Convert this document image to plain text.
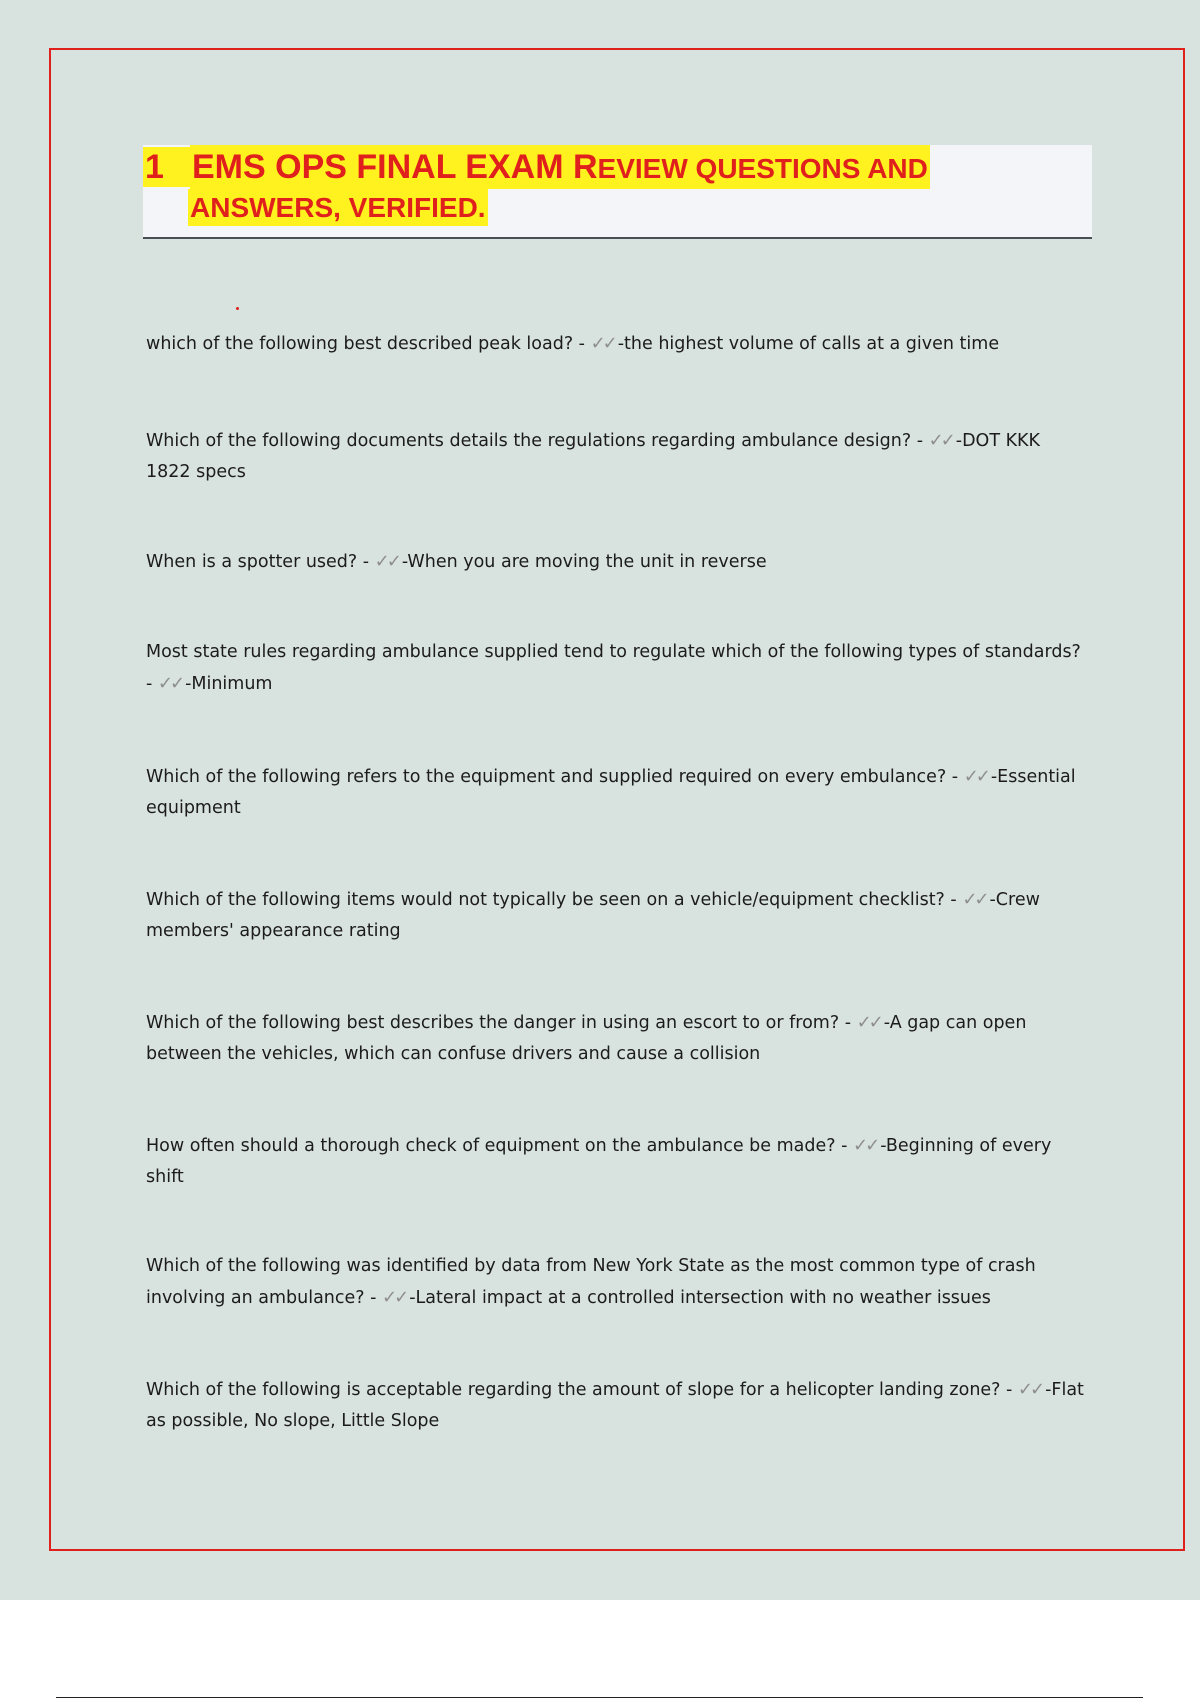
1 EMS OPS FINAL EXAM REVIEW QUESTIONS AND
ANSWERS, VERIFIED.
which of the following best described peak load? - ✓✓ -the highest volume of calls at a given time
Which of the following documents details the regulations regarding ambulance design? - ✓✓ -DOT KKK 1822 specs
When is a spotter used? - ✓✓ -When you are moving the unit in reverse
Most state rules regarding ambulance supplied tend to regulate which of the following types of standards? - ✓✓ -Minimum
Which of the following refers to the equipment and supplied required on every embulance? - ✓✓ -Essential equipment
Which of the following items would not typically be seen on a vehicle/equipment checklist? - ✓✓ -Crew members' appearance rating
Which of the following best describes the danger in using an escort to or from? - ✓✓ -A gap can open between the vehicles, which can confuse drivers and cause a collision
How often should a thorough check of equipment on the ambulance be made? - ✓✓ -Beginning of every shift
Which of the following was identified by data from New York State as the most common type of crash involving an ambulance? - ✓✓ -Lateral impact at a controlled intersection with no weather issues
Which of the following is acceptable regarding the amount of slope for a helicopter landing zone? - ✓✓ -Flat as possible, No slope, Little Slope
